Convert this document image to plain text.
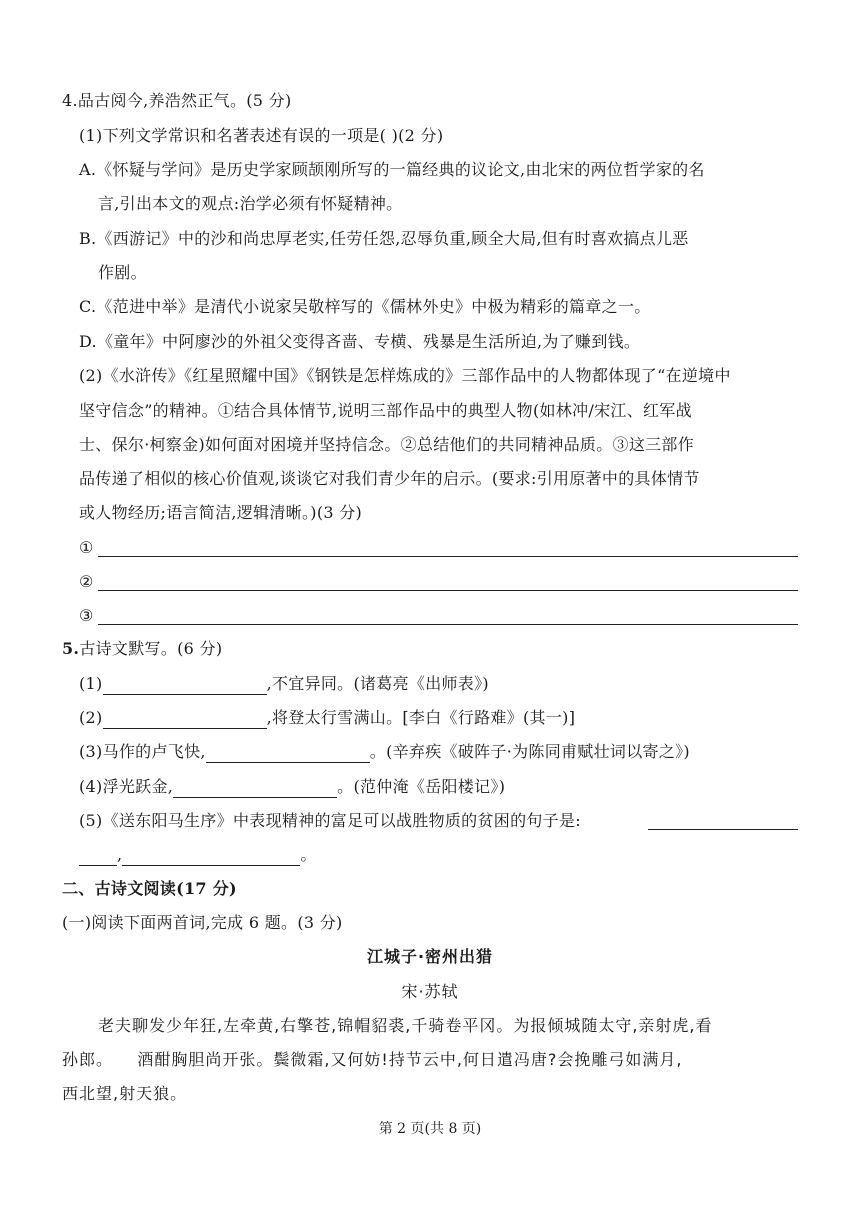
4.品古阅今,养浩然正气。(5 分)
(1)下列文学常识和名著表述有误的一项是( )(2 分)
A.《怀疑与学问》是历史学家顾颉刚所写的一篇经典的议论文,由北宋的两位哲学家的名
言,引出本文的观点:治学必须有怀疑精神。
B.《西游记》中的沙和尚忠厚老实,任劳任怨,忍辱负重,顾全大局,但有时喜欢搞点儿恶
作剧。
C.《范进中举》是清代小说家吴敬梓写的《儒林外史》中极为精彩的篇章之一。
D.《童年》中阿廖沙的外祖父变得吝啬、专横、残暴是生活所迫,为了赚到钱。
(2)《水浒传》《红星照耀中国》《钢铁是怎样炼成的》三部作品中的人物都体现了“在逆境中
坚守信念”的精神。①结合具体情节,说明三部作品中的典型人物(如林冲/宋江、红军战
士、保尔·柯察金)如何面对困境并坚持信念。②总结他们的共同精神品质。③这三部作
品传递了相似的核心价值观,谈谈它对我们青少年的启示。(要求:引用原著中的具体情节
或人物经历;语言简洁,逻辑清晰。)(3 分)
①
②
③
5.古诗文默写。(6 分)
(1)	,不宜异同。(诸葛亮《出师表》)
(2)	,将登太行雪满山。[李白《行路难》(其一)]
(3)马作的卢飞快,	。(辛弃疾《破阵子·为陈同甫赋壮词以寄之》)
(4)浮光跃金,	。(范仲淹《岳阳楼记》)
(5)《送东阳马生序》中表现精神的富足可以战胜物质的贫困的句子是:
,	。
二、古诗文阅读(17 分)
(一)阅读下面两首词,完成 6 题。(3 分)
江城子·密州出猎
宋·苏轼
老夫聊发少年狂,左牵黄,右擎苍,锦帽貂裘,千骑卷平冈。为报倾城随太守,亲射虎,看
孙郎。    酒酣胸胆尚开张。鬓微霜,又何妨!持节云中,何日遣冯唐?会挽雕弓如满月,
西北望,射天狼。
第 2 页(共 8 页)
